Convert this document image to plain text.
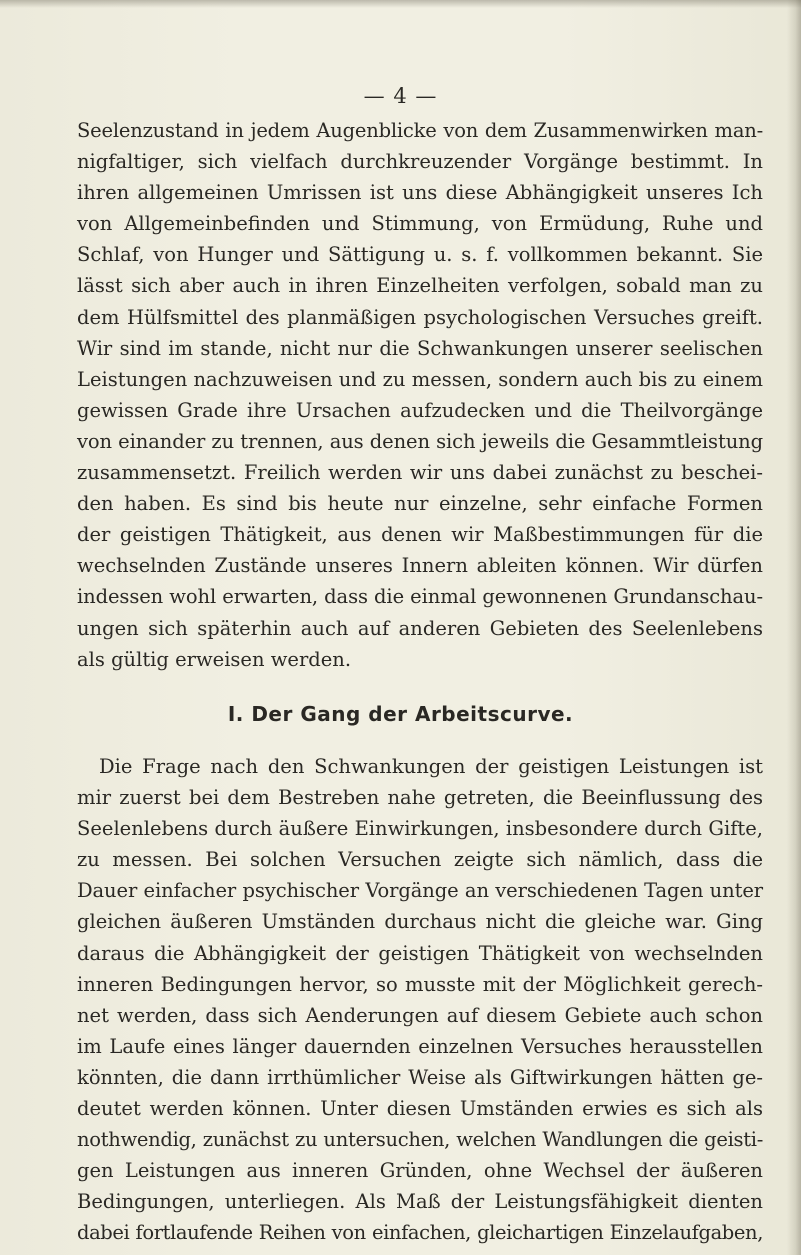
— 4 —
Seelenzustand in jedem Augenblicke von dem Zusammenwirken man-
nigfaltiger, sich vielfach durchkreuzender Vorgänge bestimmt. In
ihren allgemeinen Umrissen ist uns diese Abhängigkeit unseres Ich
von Allgemeinbefinden und Stimmung, von Ermüdung, Ruhe und
Schlaf, von Hunger und Sättigung u. s. f. vollkommen bekannt. Sie
lässt sich aber auch in ihren Einzelheiten verfolgen, sobald man zu
dem Hülfsmittel des planmäßigen psychologischen Versuches greift.
Wir sind im stande, nicht nur die Schwankungen unserer seelischen
Leistungen nachzuweisen und zu messen, sondern auch bis zu einem
gewissen Grade ihre Ursachen aufzudecken und die Theilvorgänge
von einander zu trennen, aus denen sich jeweils die Gesammtleistung
zusammensetzt. Freilich werden wir uns dabei zunächst zu beschei-
den haben. Es sind bis heute nur einzelne, sehr einfache Formen
der geistigen Thätigkeit, aus denen wir Maßbestimmungen für die
wechselnden Zustände unseres Innern ableiten können. Wir dürfen
indessen wohl erwarten, dass die einmal gewonnenen Grundanschau-
ungen sich späterhin auch auf anderen Gebieten des Seelenlebens
als gültig erweisen werden.
I. Der Gang der Arbeitscurve.
Die Frage nach den Schwankungen der geistigen Leistungen ist
mir zuerst bei dem Bestreben nahe getreten, die Beeinflussung des
Seelenlebens durch äußere Einwirkungen, insbesondere durch Gifte,
zu messen. Bei solchen Versuchen zeigte sich nämlich, dass die
Dauer einfacher psychischer Vorgänge an verschiedenen Tagen unter
gleichen äußeren Umständen durchaus nicht die gleiche war. Ging
daraus die Abhängigkeit der geistigen Thätigkeit von wechselnden
inneren Bedingungen hervor, so musste mit der Möglichkeit gerech-
net werden, dass sich Aenderungen auf diesem Gebiete auch schon
im Laufe eines länger dauernden einzelnen Versuches herausstellen
könnten, die dann irrthümlicher Weise als Giftwirkungen hätten ge-
deutet werden können. Unter diesen Umständen erwies es sich als
nothwendig, zunächst zu untersuchen, welchen Wandlungen die geisti-
gen Leistungen aus inneren Gründen, ohne Wechsel der äußeren
Bedingungen, unterliegen. Als Maß der Leistungsfähigkeit dienten
dabei fortlaufende Reihen von einfachen, gleichartigen Einzelaufgaben,
